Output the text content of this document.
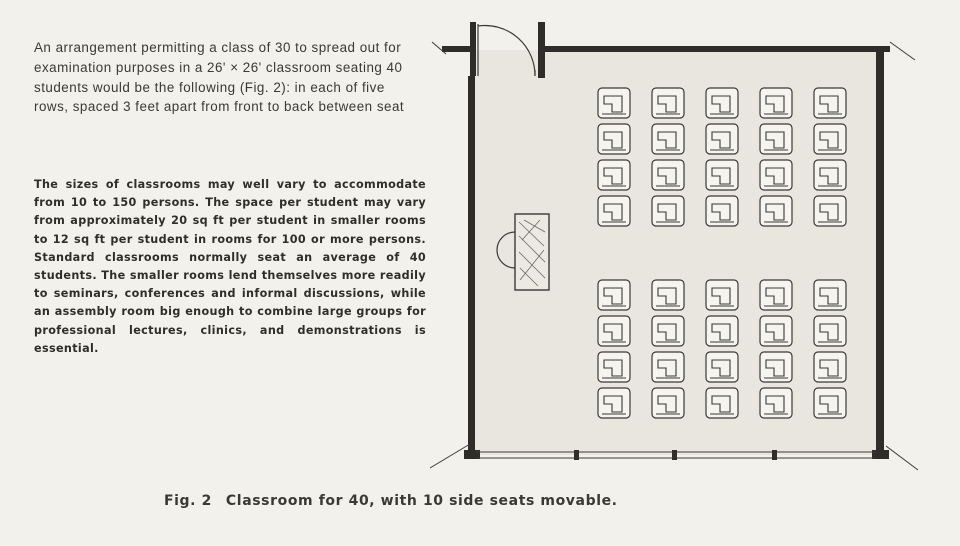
An arrangement permitting a class of 30 to spread out for examination purposes in a 26' × 26' classroom seating 40 students would be the following (Fig. 2): in each of five rows, spaced 3 feet apart from front to back between seat

The sizes of classrooms may well vary to accommodate from 10 to 150 persons. The space per student may vary from approximately 20 sq ft per student in smaller rooms to 12 sq ft per student in rooms for 100 or more persons. Standard classrooms normally seat an average of 40 students. The smaller rooms lend themselves more readily to seminars, conferences and informal discussions, while an assembly room big enough to combine large groups for professional lectures, clinics, and demonstrations is essential.

Fig. 2 Classroom for 40, with 10 side seats movable.
